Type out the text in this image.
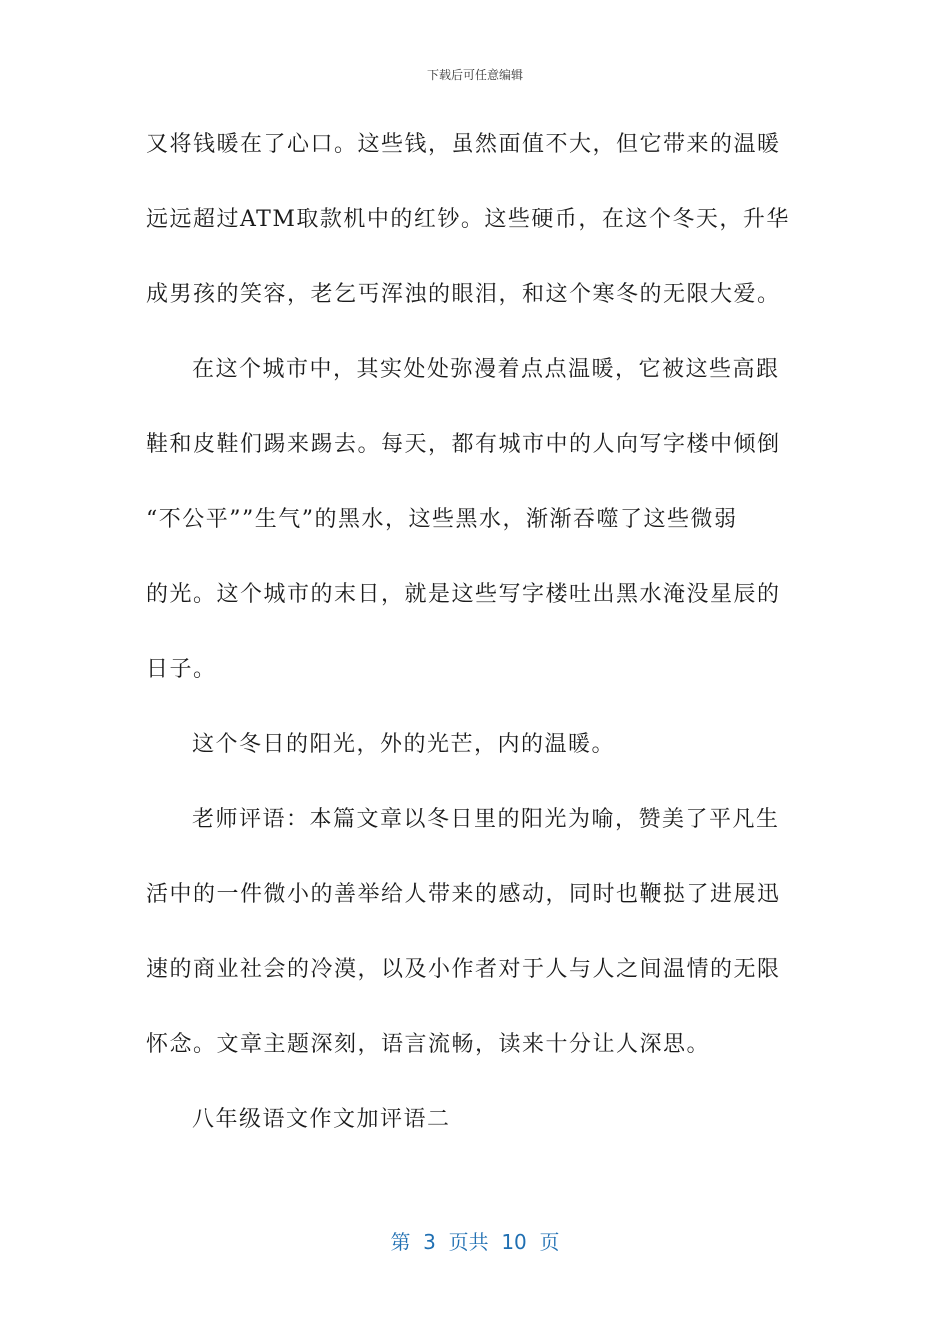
下载后可任意编辑
又将钱暖在了心口。这些钱，虽然面值不大，但它带来的温暖
远远超过ATM取款机中的红钞。这些硬币，在这个冬天，升华
成男孩的笑容，老乞丐浑浊的眼泪，和这个寒冬的无限大爱。
在这个城市中，其实处处弥漫着点点温暖，它被这些高跟
鞋和皮鞋们踢来踢去。每天，都有城市中的人向写字楼中倾倒
“不公平””生气”的黑水，这些黑水，渐渐吞噬了这些微弱
的光。这个城市的末日，就是这些写字楼吐出黑水淹没星辰的
日子。
这个冬日的阳光，外的光芒，内的温暖。
老师评语：本篇文章以冬日里的阳光为喻，赞美了平凡生
活中的一件微小的善举给人带来的感动，同时也鞭挞了进展迅
速的商业社会的冷漠，以及小作者对于人与人之间温情的无限
怀念。文章主题深刻，语言流畅，读来十分让人深思。
八年级语文作文加评语二
第  3  页共  10  页
